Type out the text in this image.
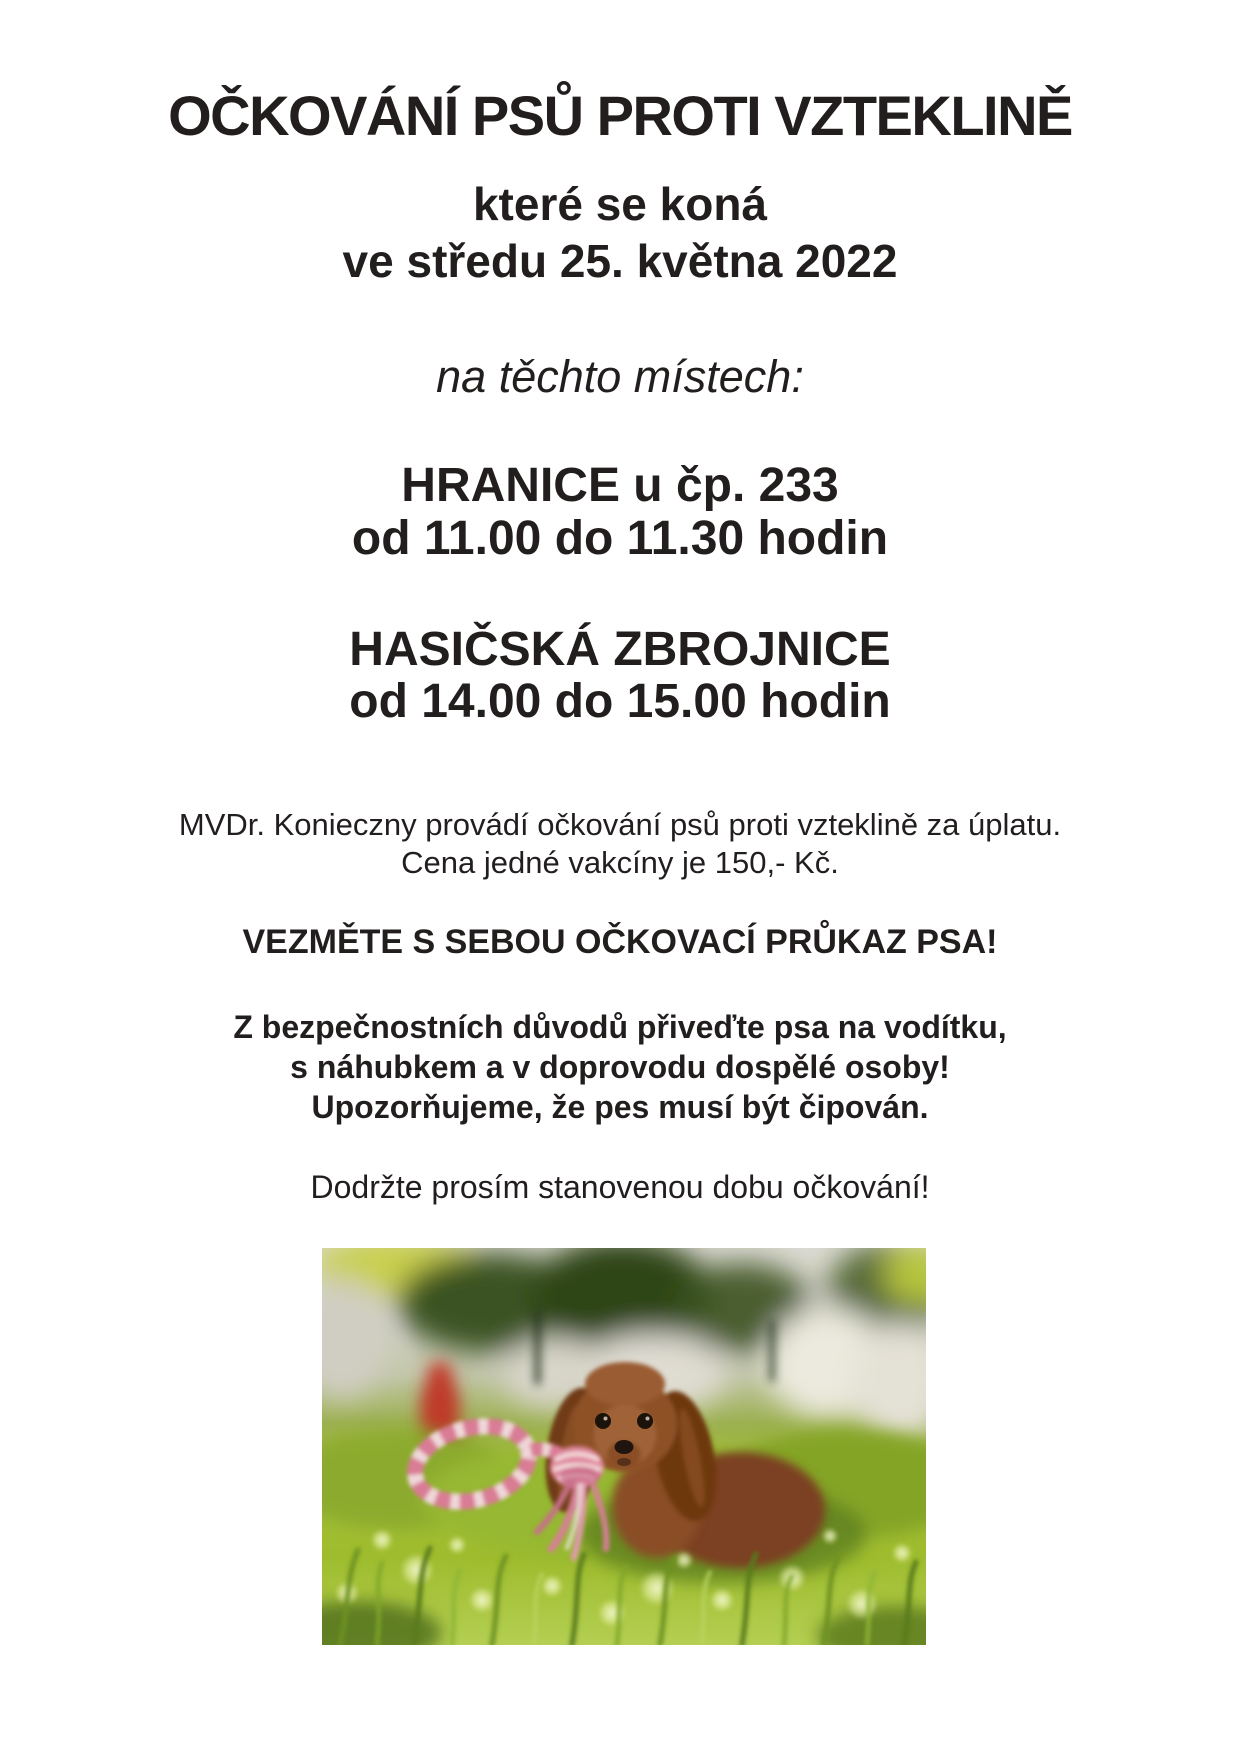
OČKOVÁNÍ PSŮ PROTI VZTEKLINĚ
které se koná
ve středu 25. května 2022
na těchto místech:
HRANICE u čp. 233
od 11.00 do 11.30 hodin
HASIČSKÁ ZBROJNICE
od 14.00 do 15.00 hodin
MVDr. Konieczny provádí očkování psů proti vzteklině za úplatu.
Cena jedné vakcíny je 150,- Kč.
VEZMĚTE S SEBOU OČKOVACÍ PRŮKAZ PSA!
Z bezpečnostních důvodů přiveďte psa na vodítku,
s náhubkem a v doprovodu dospělé osoby!
Upozorňujeme, že pes musí být čipován.
Dodržte prosím stanovenou dobu očkování!
